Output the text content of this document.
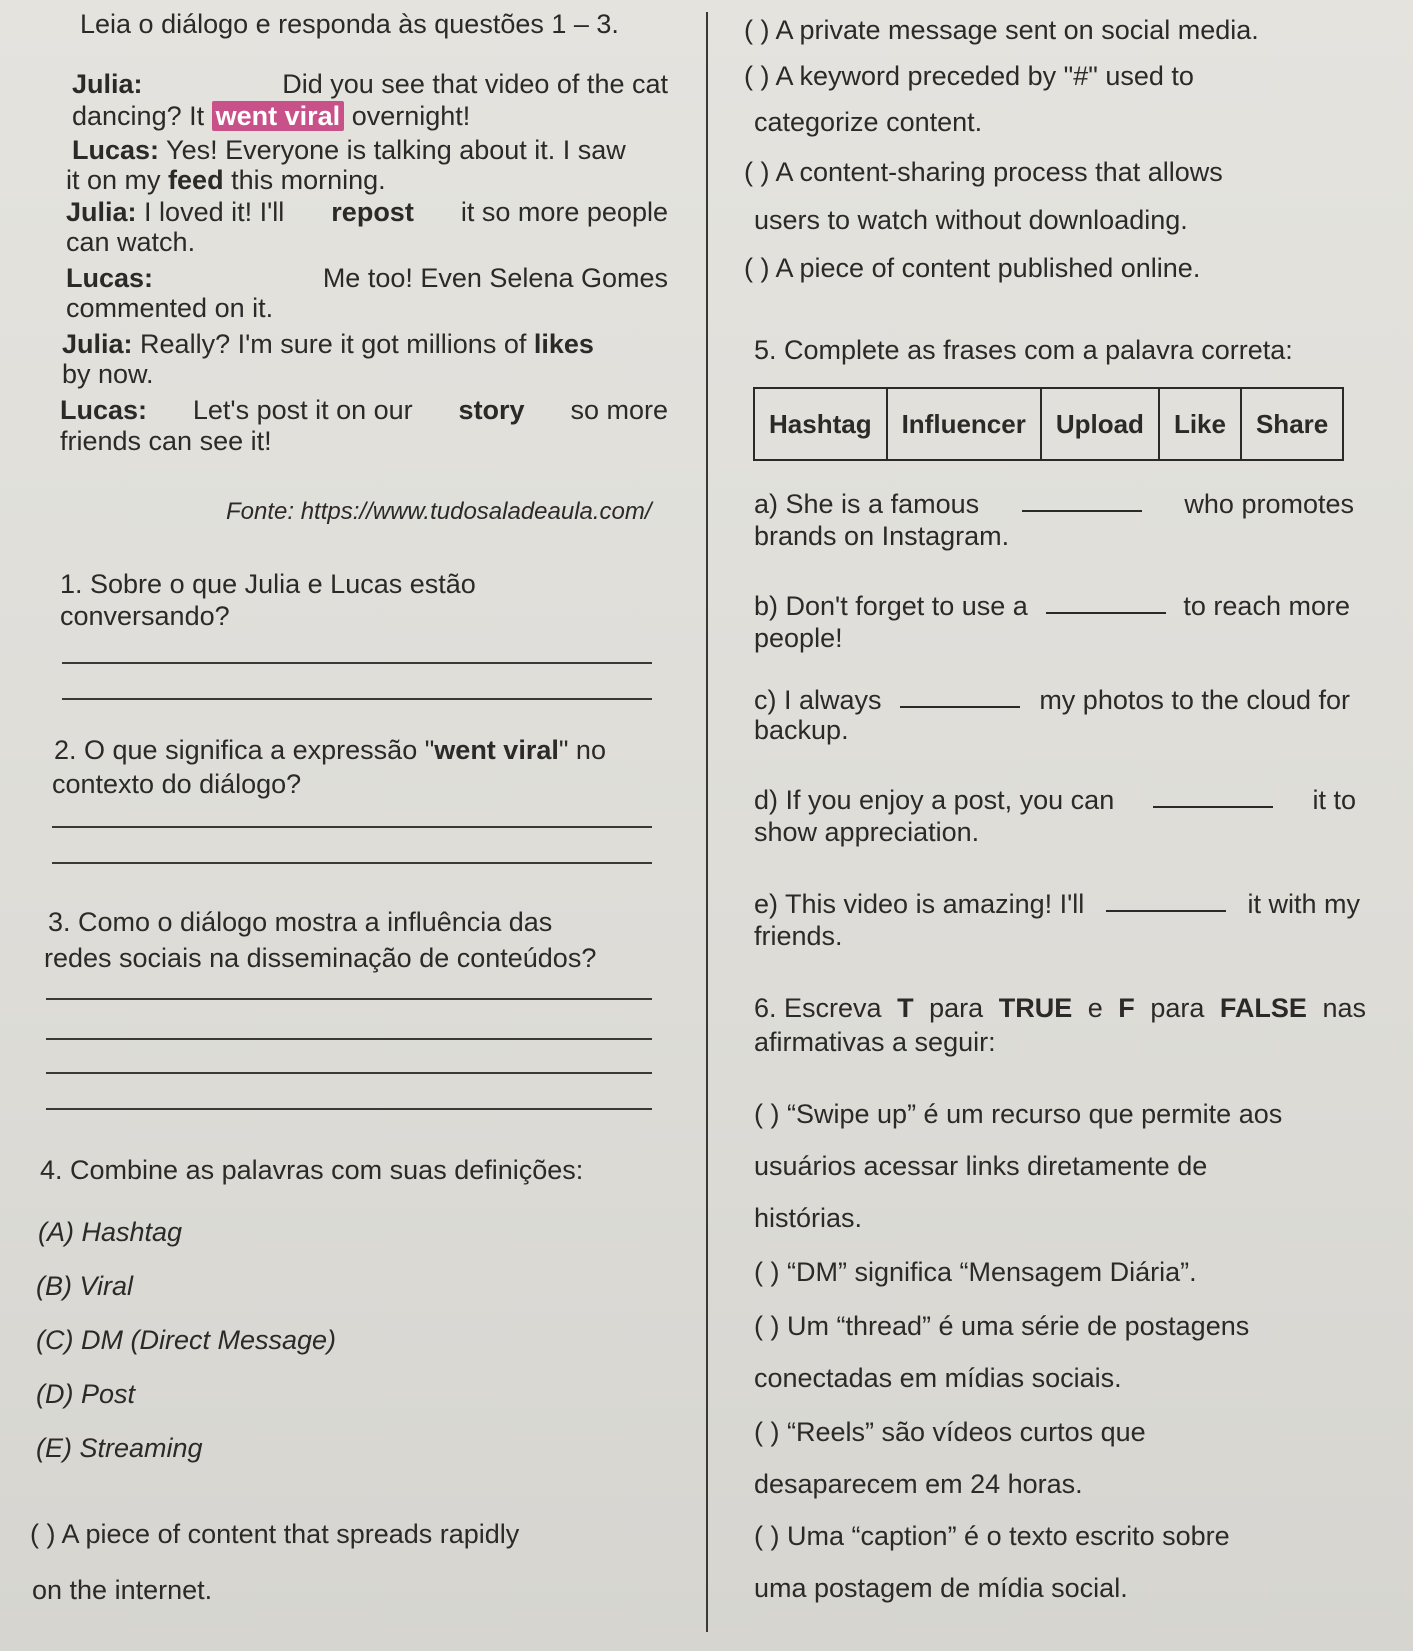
Leia o diálogo e responda às questões 1 – 3.
Julia:	Did you see that video of the cat
dancing? It went viral overnight!
Lucas: Yes! Everyone is talking about it. I saw
it on my feed this morning.
Julia: I loved it! I'll repost it so more people
can watch.
Lucas:	Me too! Even Selena Gomes
commented on it.
Julia: Really? I'm sure it got millions of likes
by now.
Lucas: Let's post it on our story so more
friends can see it!
Fonte: https://www.tudosaladeaula.com/
1. Sobre o que Julia e Lucas estão
conversando?
2. O que significa a expressão "went viral" no
contexto do diálogo?
3. Como o diálogo mostra a influência das
redes sociais na disseminação de conteúdos?
4. Combine as palavras com suas definições:
(A) Hashtag
(B) Viral
(C) DM (Direct Message)
(D) Post
(E) Streaming
( ) A piece of content that spreads rapidly
on the internet.
( ) A private message sent on social media.
( ) A keyword preceded by "#" used to
categorize content.
( ) A content-sharing process that allows
users to watch without downloading.
( ) A piece of content published online.
5. Complete as frases com a palavra correta:
Hashtag	Influencer	Upload	Like	Share
a) She is a famous	who promotes
brands on Instagram.
b) Don't forget to use a	to reach more
people!
c) I always	my photos to the cloud for
backup.
d) If you enjoy a post, you can	it to
show appreciation.
e) This video is amazing! I'll	it with my
friends.
6. Escreva T para TRUE e F para FALSE nas
afirmativas a seguir:
( ) “Swipe up” é um recurso que permite aos
usuários acessar links diretamente de
histórias.
( ) “DM” significa “Mensagem Diária”.
( ) Um “thread” é uma série de postagens
conectadas em mídias sociais.
( ) “Reels” são vídeos curtos que
desaparecem em 24 horas.
( ) Uma “caption” é o texto escrito sobre
uma postagem de mídia social.
